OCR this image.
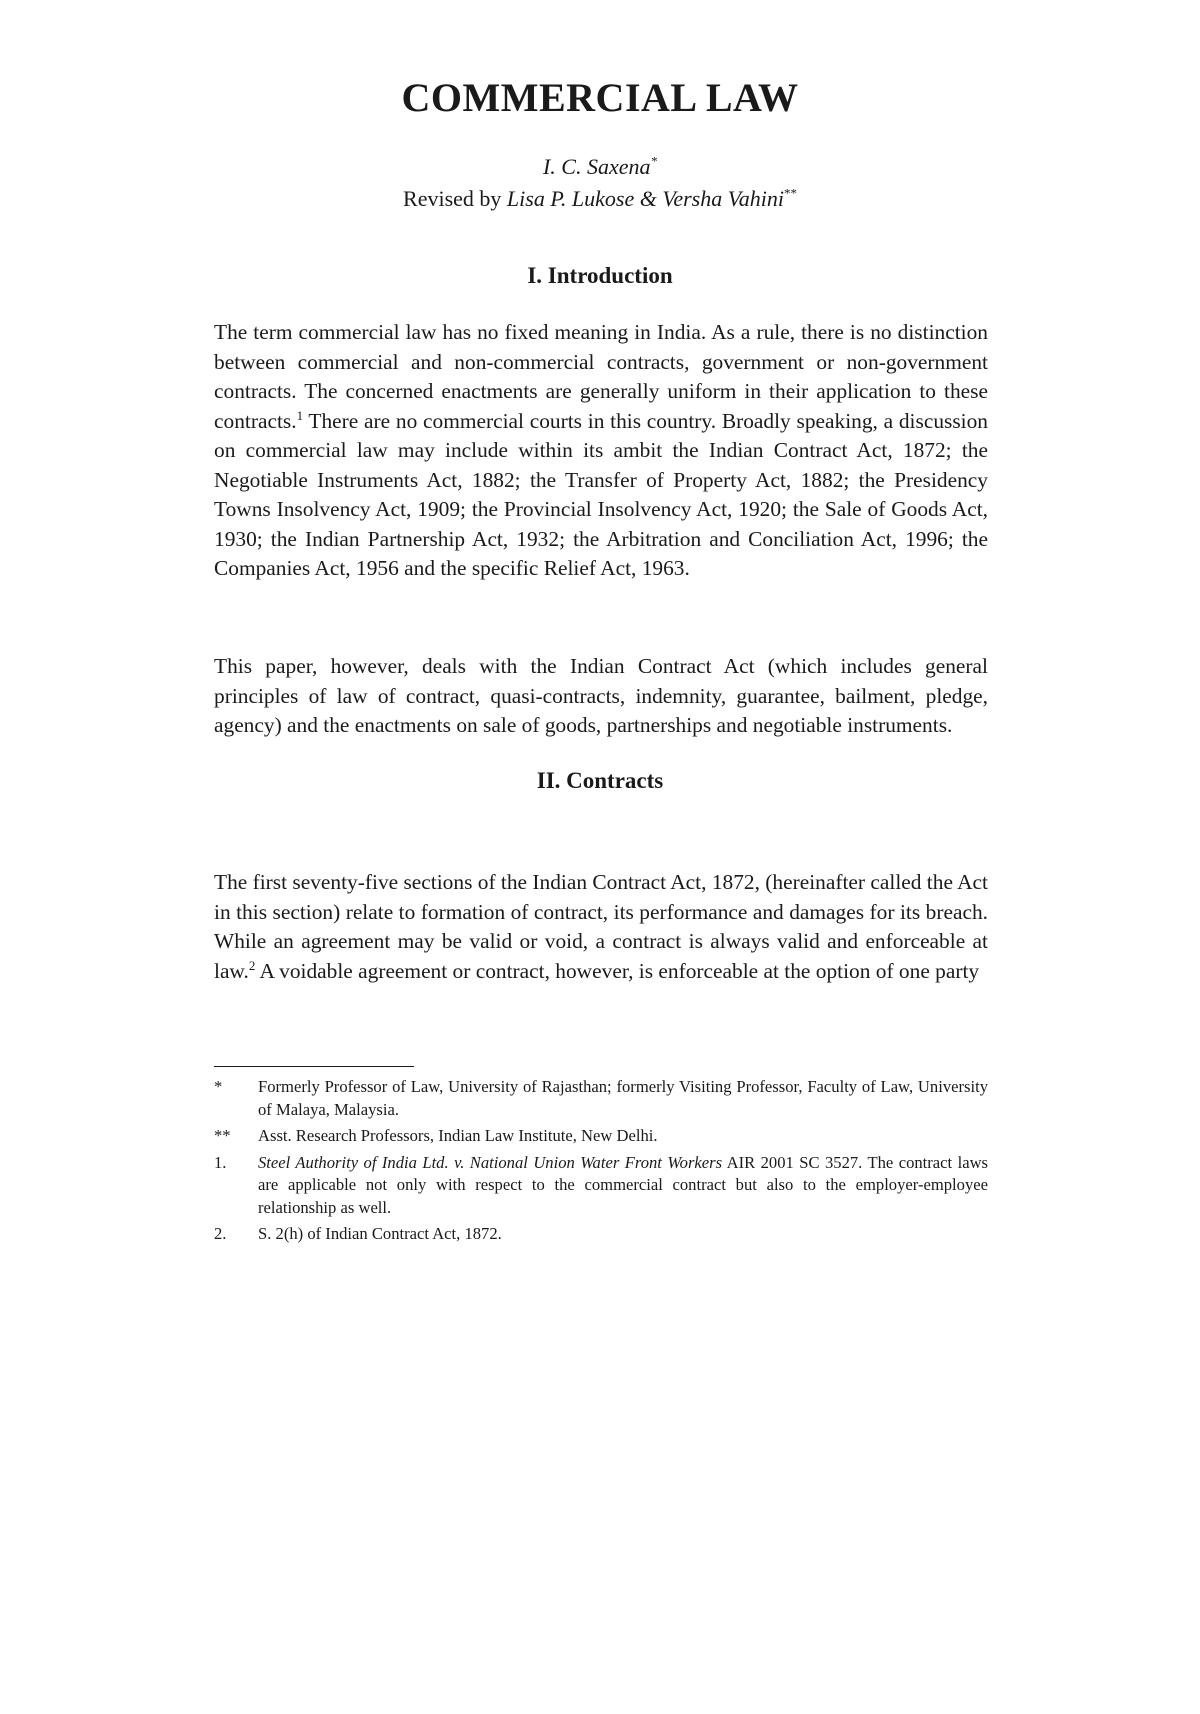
COMMERCIAL LAW
I. C. Saxena*
Revised by Lisa P. Lukose & Versha Vahini**
I. Introduction

The term commercial law has no fixed meaning in India. As a rule, there is no distinction between commercial and non-commercial contracts, government or non-government contracts. The concerned enactments are generally uniform in their application to these contracts.$^1$ There are no commercial courts in this country. Broadly speaking, a discussion on commercial law may include within its ambit the Indian Contract Act, 1872; the Negotiable Instruments Act, 1882; the Transfer of Property Act, 1882; the Presidency Towns Insolvency Act, 1909; the Provincial Insolvency Act, 1920; the Sale of Goods Act, 1930; the Indian Partnership Act, 1932; the Arbitration and Conciliation Act, 1996; the Companies Act, 1956 and the specific Relief Act, 1963.

This paper, however, deals with the Indian Contract Act (which includes general principles of law of contract, quasi-contracts, indemnity, guarantee, bailment, pledge, agency) and the enactments on sale of goods, partnerships and negotiable instruments.

II. Contracts

The first seventy-five sections of the Indian Contract Act, 1872, (hereinafter called the Act in this section) relate to formation of contract, its performance and damages for its breach. While an agreement may be valid or void, a contract is always valid and enforceable at law.$^2$ A voidable agreement or contract, however, is enforceable at the option of one party

*	Formerly Professor of Law, University of Rajasthan; formerly Visiting Professor, Faculty of Law, University of Malaya, Malaysia.
**	Asst. Research Professors, Indian Law Institute, New Delhi.
1.	Steel Authority of India Ltd. v. National Union Water Front Workers AIR 2001 SC 3527. The contract laws are applicable not only with respect to the commercial contract but also to the employer-employee relationship as well.
2.	S. 2(h) of Indian Contract Act, 1872.
